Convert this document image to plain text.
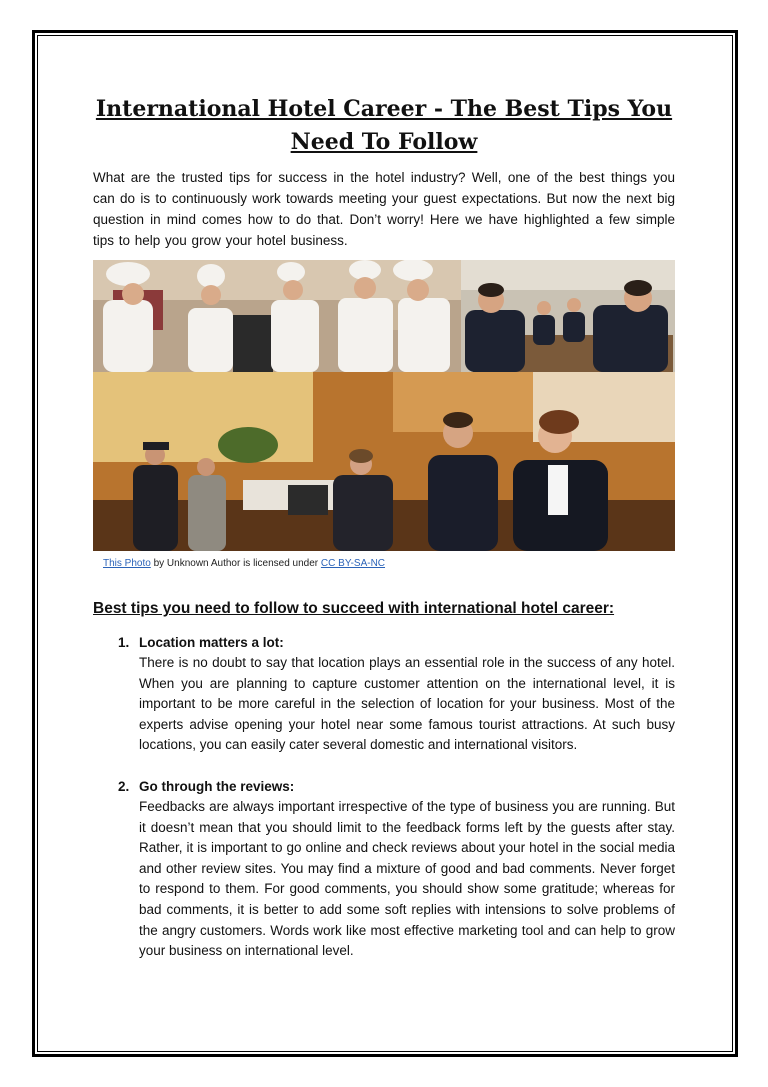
International Hotel Career - The Best Tips You Need To Follow

What are the trusted tips for success in the hotel industry? Well, one of the best things you can do is to continuously work towards meeting your guest expectations. But now the next big question in mind comes how to do that. Don’t worry! Here we have highlighted a few simple tips to help you grow your hotel business.

This Photo by Unknown Author is licensed under CC BY-SA-NC
Best tips you need to follow to succeed with international hotel career:
1. Location matters a lot:
There is no doubt to say that location plays an essential role in the success of any hotel. When you are planning to capture customer attention on the international level, it is important to be more careful in the selection of location for your business. Most of the experts advise opening your hotel near some famous tourist attractions. At such busy locations, you can easily cater several domestic and international visitors.
2. Go through the reviews:
Feedbacks are always important irrespective of the type of business you are running. But it doesn’t mean that you should limit to the feedback forms left by the guests after stay. Rather, it is important to go online and check reviews about your hotel in the social media and other review sites. You may find a mixture of good and bad comments. Never forget to respond to them. For good comments, you should show some gratitude; whereas for bad comments, it is better to add some soft replies with intensions to solve problems of the angry customers. Words work like most effective marketing tool and can help to grow your business on international level.
